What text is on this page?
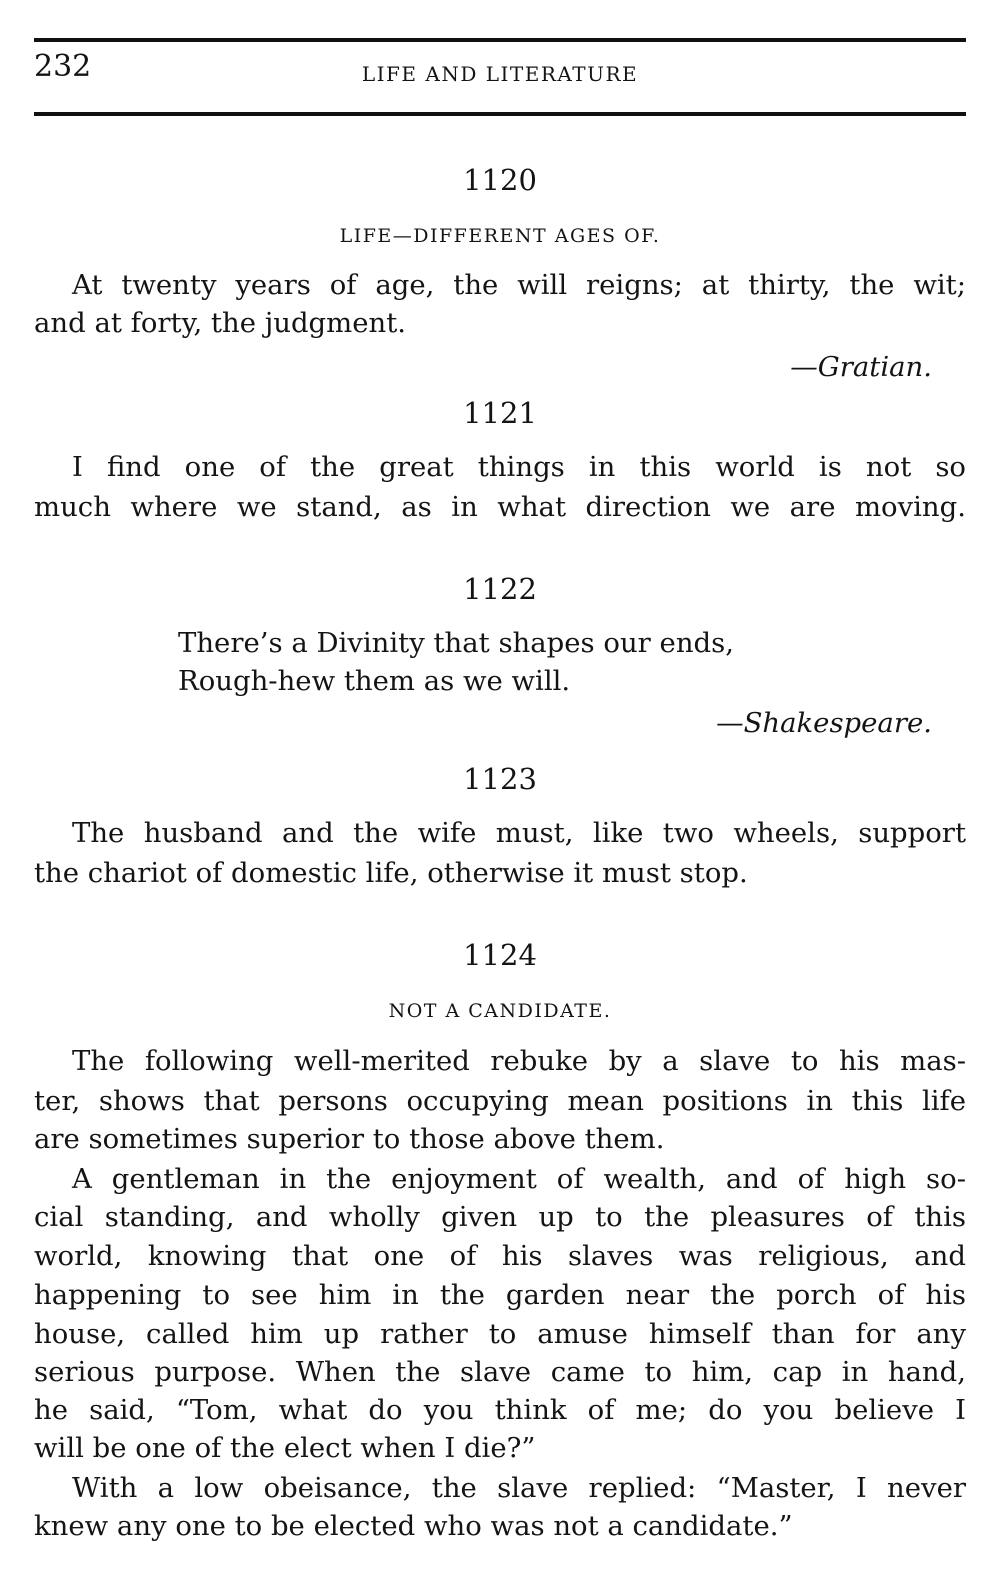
232	LIFE AND LITERATURE
1120
LIFE—DIFFERENT AGES OF.
At twenty years of age, the will reigns; at thirty, the wit;
and at forty, the judgment.
—Gratian.
1121
I find one of the great things in this world is not so
much where we stand, as in what direction we are moving.
1122
There’s a Divinity that shapes our ends,
Rough-hew them as we will.
—Shakespeare.
1123
The husband and the wife must, like two wheels, support
the chariot of domestic life, otherwise it must stop.
1124
NOT A CANDIDATE.
The following well-merited rebuke by a slave to his mas-
ter, shows that persons occupying mean positions in this life
are sometimes superior to those above them.
A gentleman in the enjoyment of wealth, and of high so-
cial standing, and wholly given up to the pleasures of this
world, knowing that one of his slaves was religious, and
happening to see him in the garden near the porch of his
house, called him up rather to amuse himself than for any
serious purpose. When the slave came to him, cap in hand,
he said, “Tom, what do you think of me; do you believe I
will be one of the elect when I die?”
With a low obeisance, the slave replied: “Master, I never
knew any one to be elected who was not a candidate.”
